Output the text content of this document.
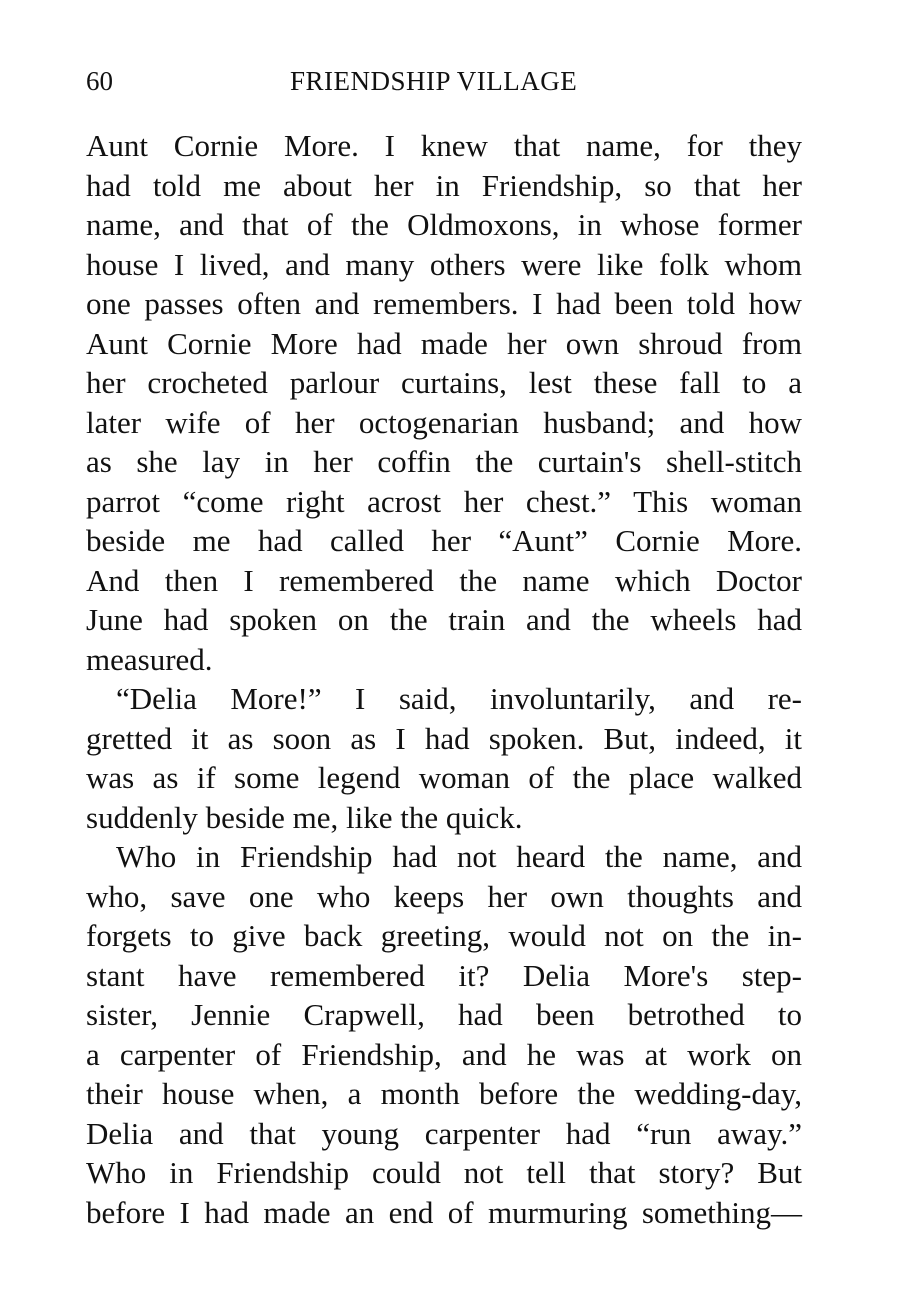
60	FRIENDSHIP VILLAGE
Aunt Cornie More. I knew that name, for they
had told me about her in Friendship, so that her
name, and that of the Oldmoxons, in whose former
house I lived, and many others were like folk whom
one passes often and remembers. I had been told how
Aunt Cornie More had made her own shroud from
her crocheted parlour curtains, lest these fall to a
later wife of her octogenarian husband; and how
as she lay in her coffin the curtain's shell-stitch
parrot “come right acrost her chest.” This woman
beside me had called her “Aunt” Cornie More.
And then I remembered the name which Doctor
June had spoken on the train and the wheels had
measured.
“Delia More!” I said, involuntarily, and re-
gretted it as soon as I had spoken. But, indeed, it
was as if some legend woman of the place walked
suddenly beside me, like the quick.
Who in Friendship had not heard the name, and
who, save one who keeps her own thoughts and
forgets to give back greeting, would not on the in-
stant have remembered it? Delia More's step-
sister, Jennie Crapwell, had been betrothed to
a carpenter of Friendship, and he was at work on
their house when, a month before the wedding-day,
Delia and that young carpenter had “run away.”
Who in Friendship could not tell that story? But
before I had made an end of murmuring something—
